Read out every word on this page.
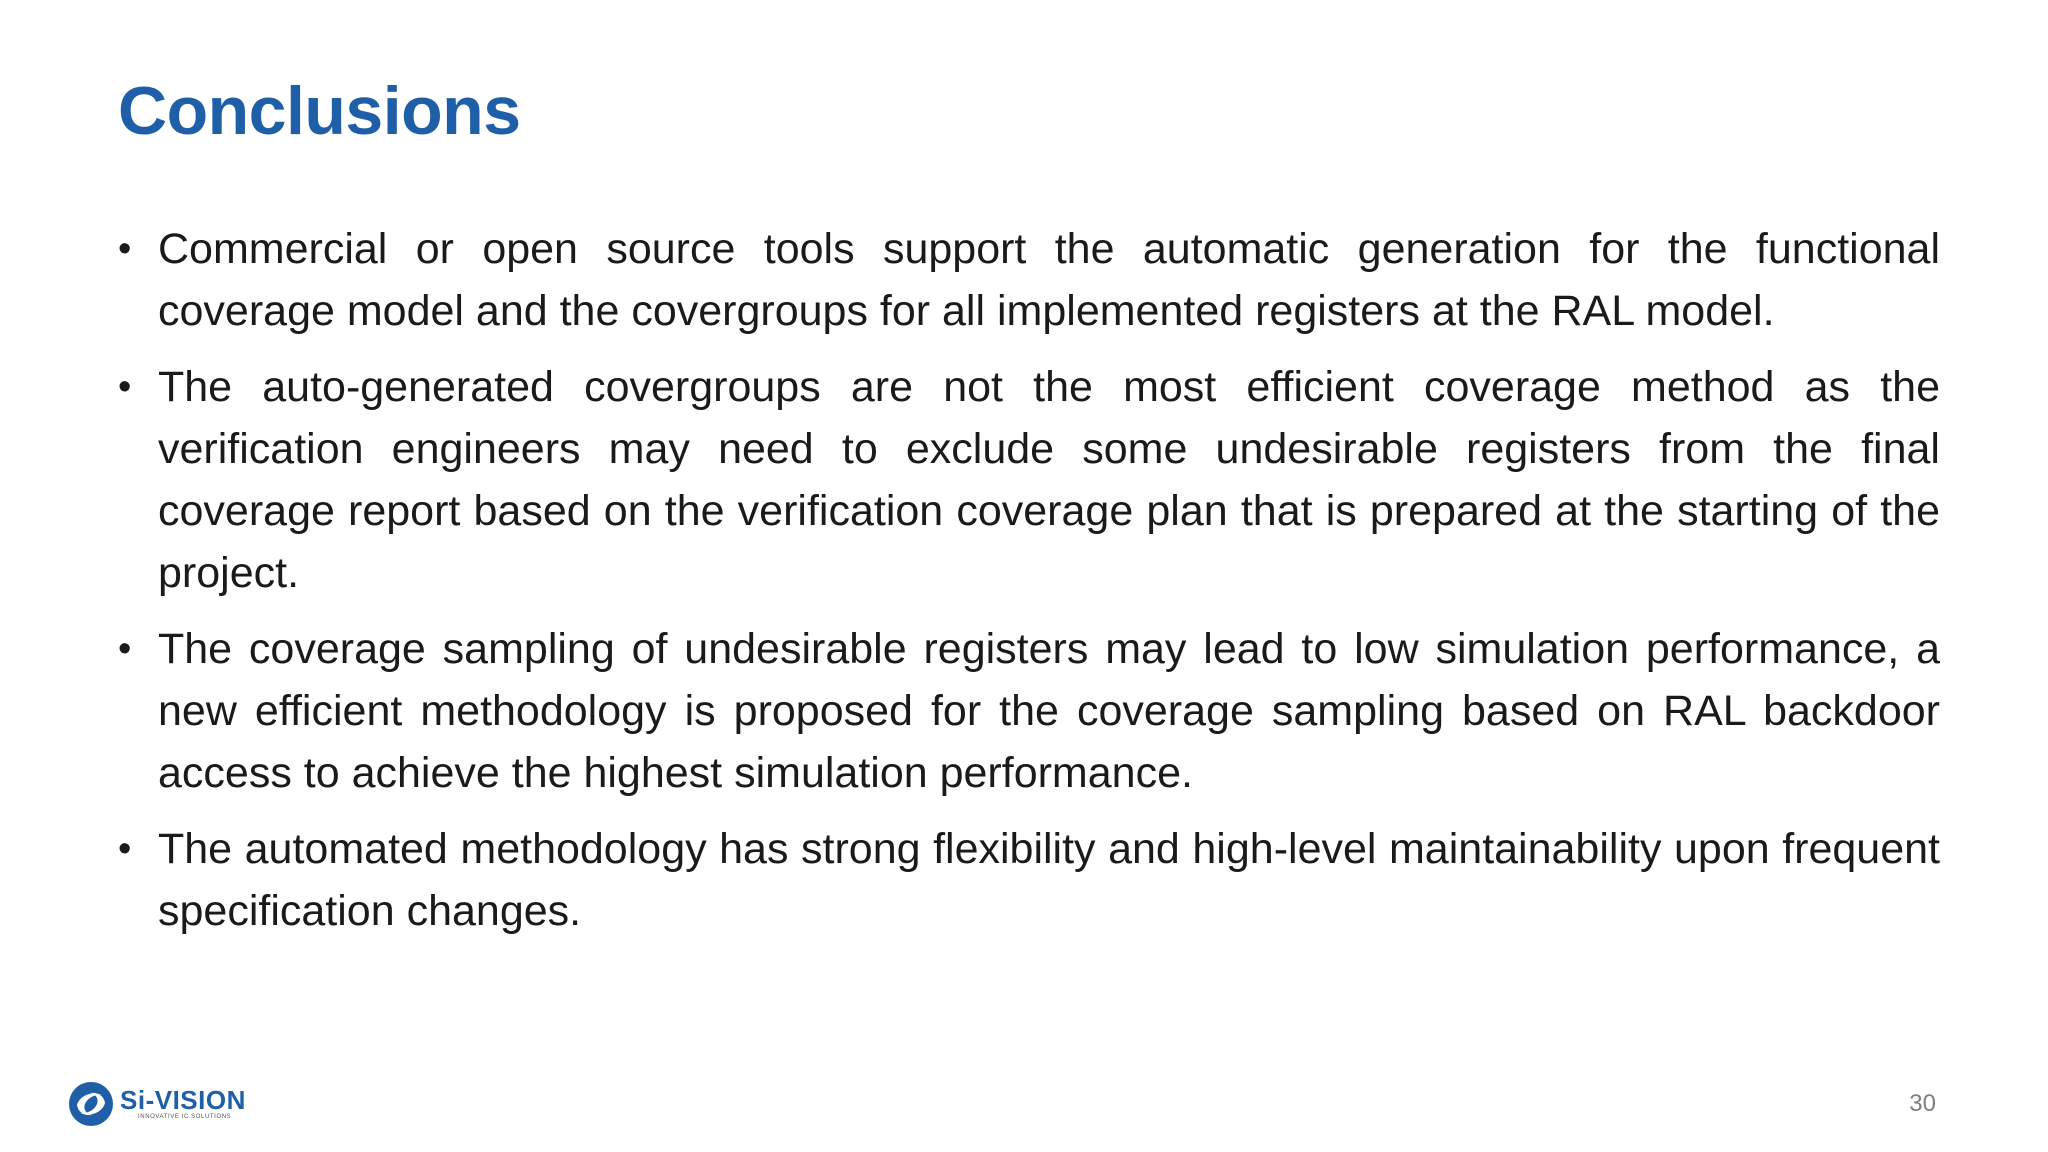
Conclusions
• Commercial or open source tools support the automatic generation for the functional coverage model and the covergroups for all implemented registers at the RAL model.
• The auto-generated covergroups are not the most efficient coverage method as the verification engineers may need to exclude some undesirable registers from the final coverage report based on the verification coverage plan that is prepared at the starting of the project.
• The coverage sampling of undesirable registers may lead to low simulation performance, a new efficient methodology is proposed for the coverage sampling based on RAL backdoor access to achieve the highest simulation performance.
• The automated methodology has strong flexibility and high-level maintainability upon frequent specification changes.
Si-VISION
INNOVATIVE IC SOLUTIONS	30
